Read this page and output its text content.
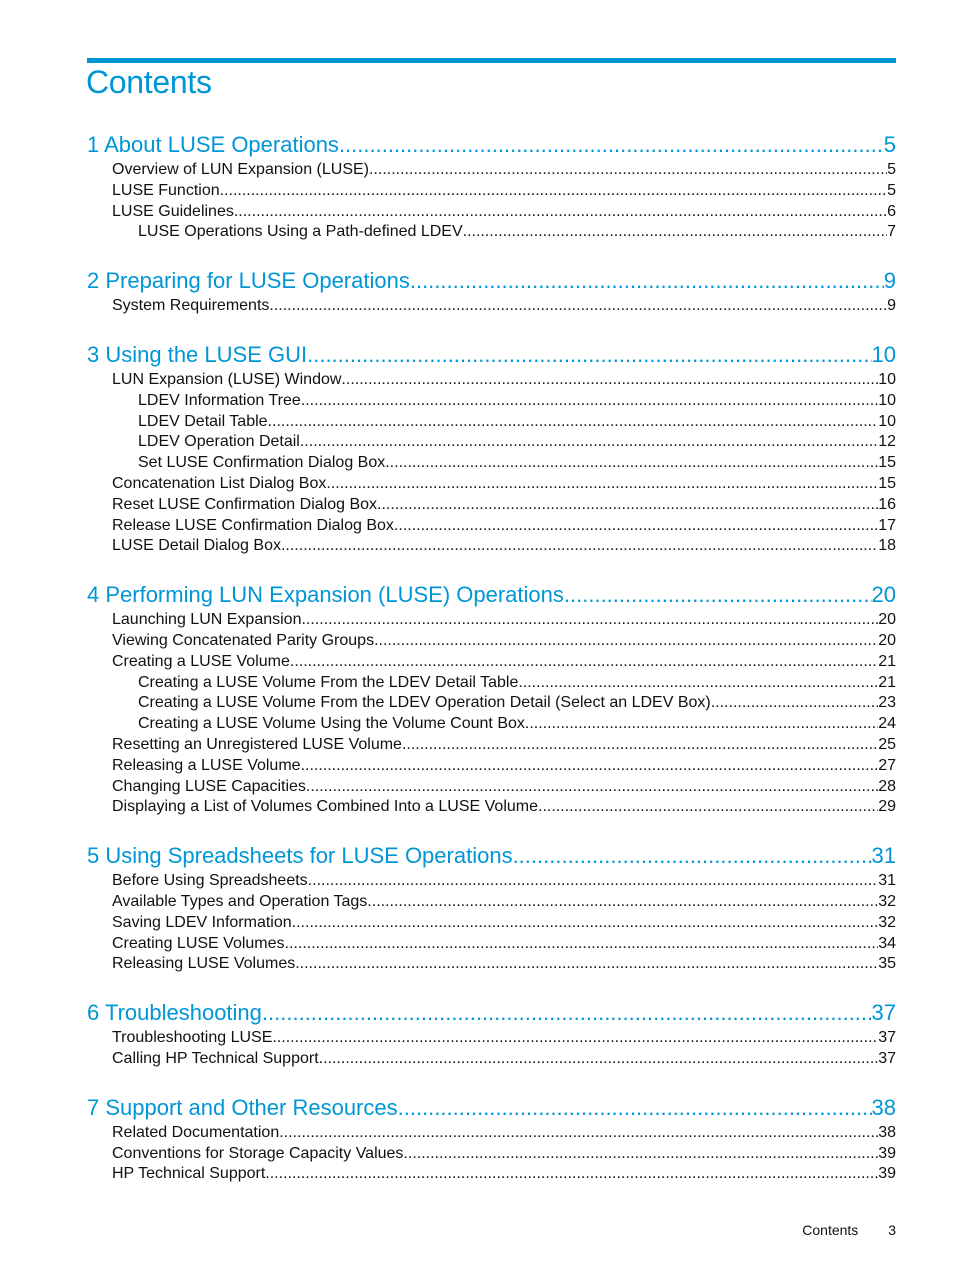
Contents
1 About LUSE Operations .....	5
Overview of LUN Expansion (LUSE) .....	5
LUSE Function .....	5
LUSE Guidelines .....	6
LUSE Operations Using a Path-defined LDEV .....	7
2 Preparing for LUSE Operations .....	9
System Requirements .....	9
3 Using the LUSE GUI .....	10
LUN Expansion (LUSE) Window .....	10
LDEV Information Tree .....	10
LDEV Detail Table .....	10
LDEV Operation Detail .....	12
Set LUSE Confirmation Dialog Box .....	15
Concatenation List Dialog Box .....	15
Reset LUSE Confirmation Dialog Box .....	16
Release LUSE Confirmation Dialog Box .....	17
LUSE Detail Dialog Box .....	18
4 Performing LUN Expansion (LUSE) Operations .....	20
Launching LUN Expansion .....	20
Viewing Concatenated Parity Groups .....	20
Creating a LUSE Volume .....	21
Creating a LUSE Volume From the LDEV Detail Table .....	21
Creating a LUSE Volume From the LDEV Operation Detail (Select an LDEV Box) .....	23
Creating a LUSE Volume Using the Volume Count Box .....	24
Resetting an Unregistered LUSE Volume .....	25
Releasing a LUSE Volume .....	27
Changing LUSE Capacities .....	28
Displaying a List of Volumes Combined Into a LUSE Volume .....	29
5 Using Spreadsheets for LUSE Operations .....	31
Before Using Spreadsheets .....	31
Available Types and Operation Tags .....	32
Saving LDEV Information .....	32
Creating LUSE Volumes .....	34
Releasing LUSE Volumes .....	35
6 Troubleshooting .....	37
Troubleshooting LUSE .....	37
Calling HP Technical Support .....	37
7 Support and Other Resources .....	38
Related Documentation .....	38
Conventions for Storage Capacity Values .....	39
HP Technical Support .....	39
Contents 3
